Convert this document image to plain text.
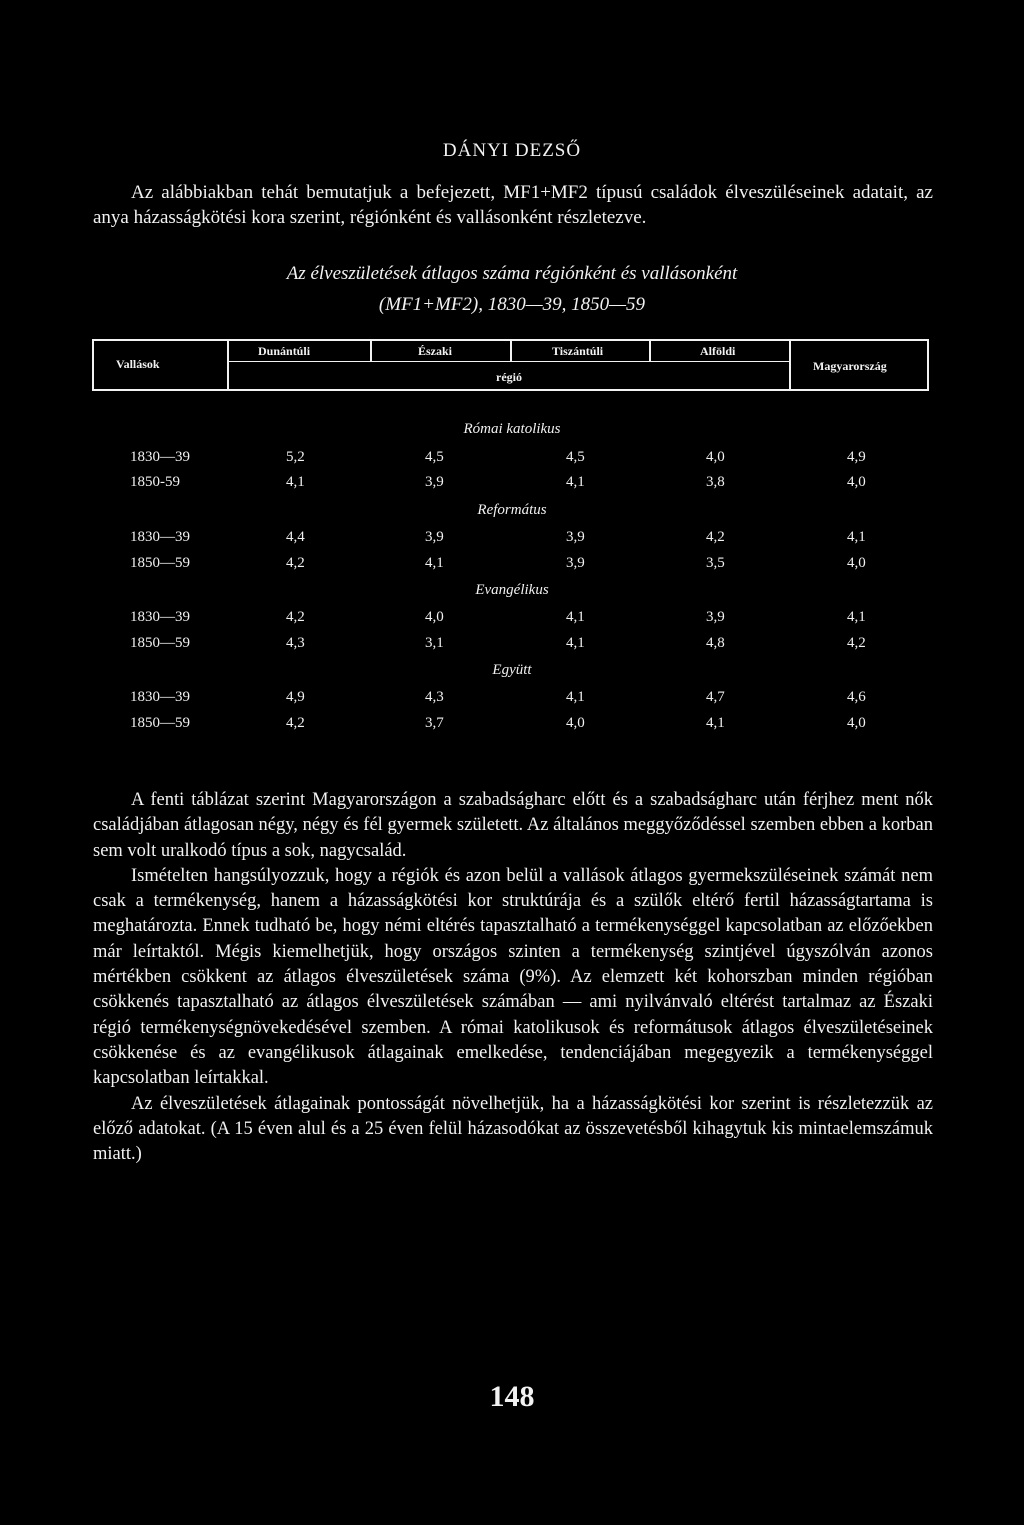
DÁNYI DEZSŐ
Az alábbiakban tehát bemutatjuk a befejezett, MF1+MF2 típusú családok élveszüléseinek adatait, az anya házasságkötési kora szerint, régiónként és vallásonként részletezve.
Az élveszületések átlagos száma régiónként és vallásonként
(MF1+MF2), 1830—39, 1850—59
Vallások
Dunántúli	Északi	Tiszántúli	Alföldi
régió
Magyarország
Római katolikus
1830—39	5,2	4,5	4,5	4,0	4,9
1850-59	4,1	3,9	4,1	3,8	4,0
Református
1830—39	4,4	3,9	3,9	4,2	4,1
1850—59	4,2	4,1	3,9	3,5	4,0
Evangélikus
1830—39	4,2	4,0	4,1	3,9	4,1
1850—59	4,3	3,1	4,1	4,8	4,2
Együtt
1830—39	4,9	4,3	4,1	4,7	4,6
1850—59	4,2	3,7	4,0	4,1	4,0

A fenti táblázat szerint Magyarországon a szabadságharc előtt és a szabadságharc után férjhez ment nők családjában átlagosan négy, négy és fél gyermek született. Az általános meggyőződéssel szemben ebben a korban sem volt uralkodó típus a sok, nagycsalád.

Ismételten hangsúlyozzuk, hogy a régiók és azon belül a vallások átlagos gyermekszüléseinek számát nem csak a termékenység, hanem a házasságkötési kor struktúrája és a szülők eltérő fertil házasságtartama is meghatározta. Ennek tudható be, hogy némi eltérés tapasztalható a termékenységgel kapcsolatban az előzőekben már leírtaktól. Mégis kiemelhetjük, hogy országos szinten a termékenység szintjével úgyszólván azonos mértékben csökkent az átlagos élveszületések száma (9%). Az elemzett két kohorszban minden régióban csökkenés tapasztalható az átlagos élveszületések számában — ami nyilvánvaló eltérést tartalmaz az Északi régió termékenységnövekedésével szemben. A római katolikusok és reformátusok átlagos élveszületéseinek csökkenése és az evangélikusok átlagainak emelkedése, tendenciájában megegyezik a termékenységgel kapcsolatban leírtakkal.

Az élveszületések átlagainak pontosságát növelhetjük, ha a házasságkötési kor szerint is részletezzük az előző adatokat. (A 15 éven alul és a 25 éven felül házasodókat az összevetésből kihagytuk kis mintaelemszámuk miatt.)

148
